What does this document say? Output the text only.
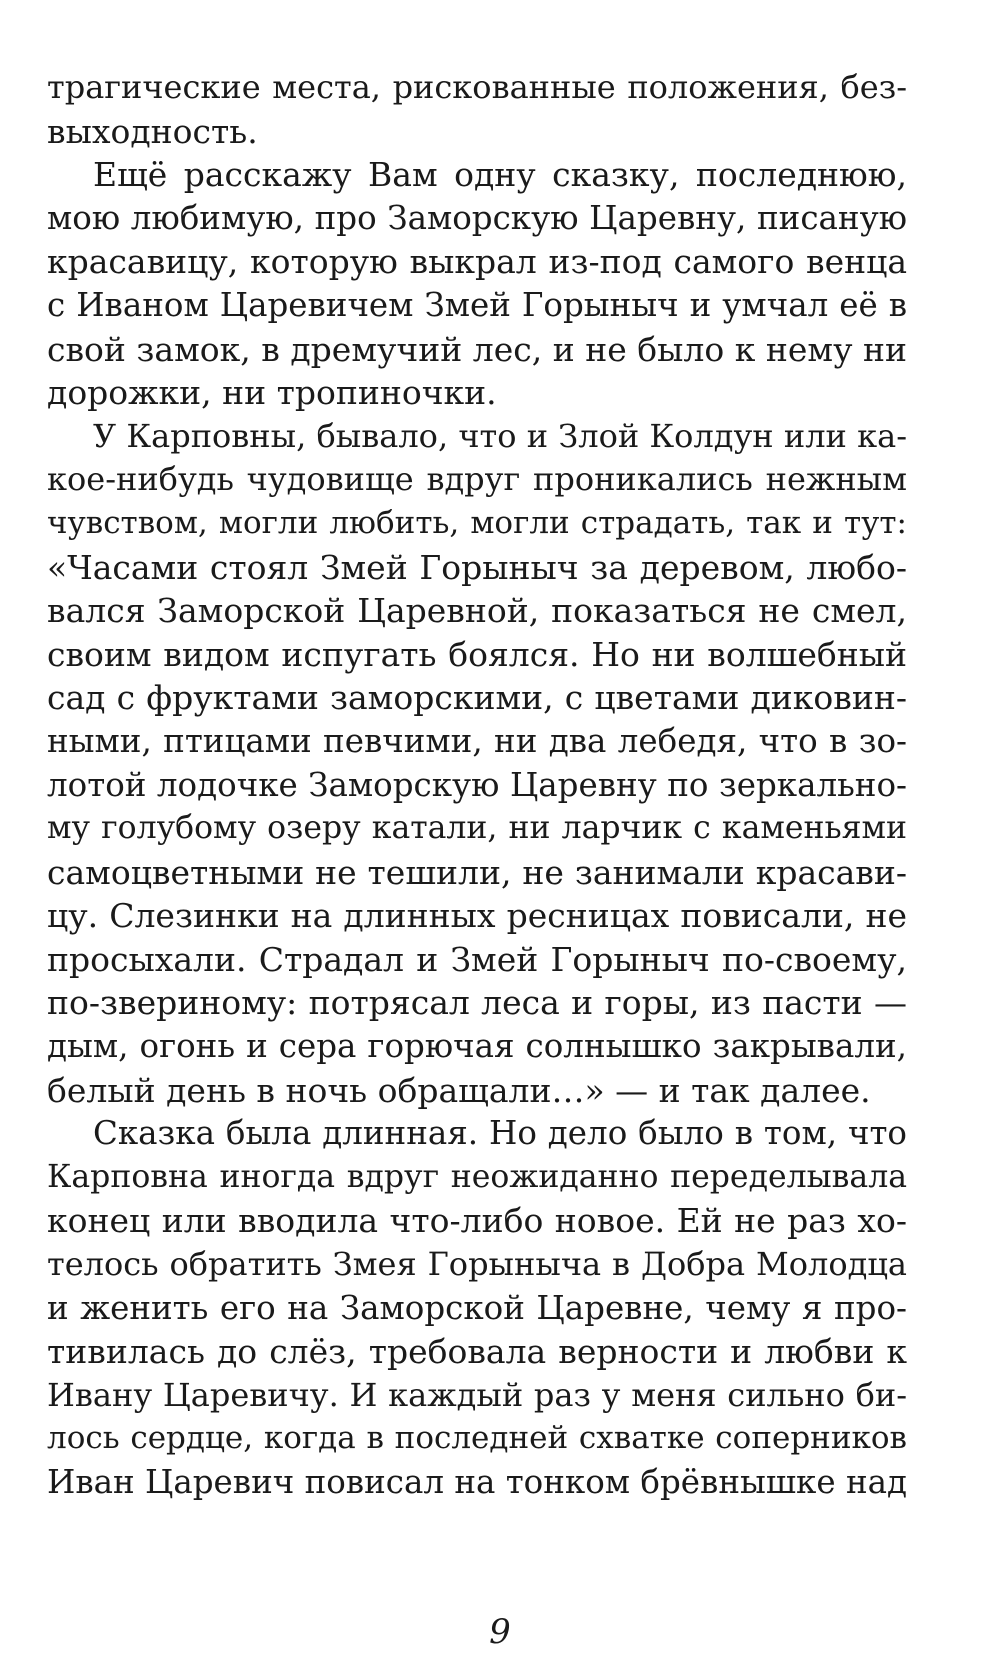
трагические места, рискованные положения, без-
выходность.
Ещё расскажу Вам одну сказку, последнюю,
мою любимую, про Заморскую Царевну, писаную
красавицу, которую выкрал из-под самого венца
с Иваном Царевичем Змей Горыныч и умчал её в
свой замок, в дремучий лес, и не было к нему ни
дорожки, ни тропиночки.
У Карповны, бывало, что и Злой Колдун или ка-
кое-нибудь чудовище вдруг проникались нежным
чувством, могли любить, могли страдать, так и тут:
«Часами стоял Змей Горыныч за деревом, любо-
вался Заморской Царевной, показаться не смел,
своим видом испугать боялся. Но ни волшебный
сад с фруктами заморскими, с цветами диковин-
ными, птицами певчими, ни два лебедя, что в зо-
лотой лодочке Заморскую Царевну по зеркально-
му голубому озеру катали, ни ларчик с каменьями
самоцветными не тешили, не занимали красави-
цу. Слезинки на длинных ресницах повисали, не
просыхали. Страдал и Змей Горыныч по-своему,
по-звериному: потрясал леса и горы, из пасти —
дым, огонь и сера горючая солнышко закрывали,
белый день в ночь обращали…» — и так далее.
Сказка была длинная. Но дело было в том, что
Карповна иногда вдруг неожиданно переделывала
конец или вводила что-либо новое. Ей не раз хо-
телось обратить Змея Горыныча в Добра Молодца
и женить его на Заморской Царевне, чему я про-
тивилась до слёз, требовала верности и любви к
Ивану Царевичу. И каждый раз у меня сильно би-
лось сердце, когда в последней схватке соперников
Иван Царевич повисал на тонком брёвнышке над
9
